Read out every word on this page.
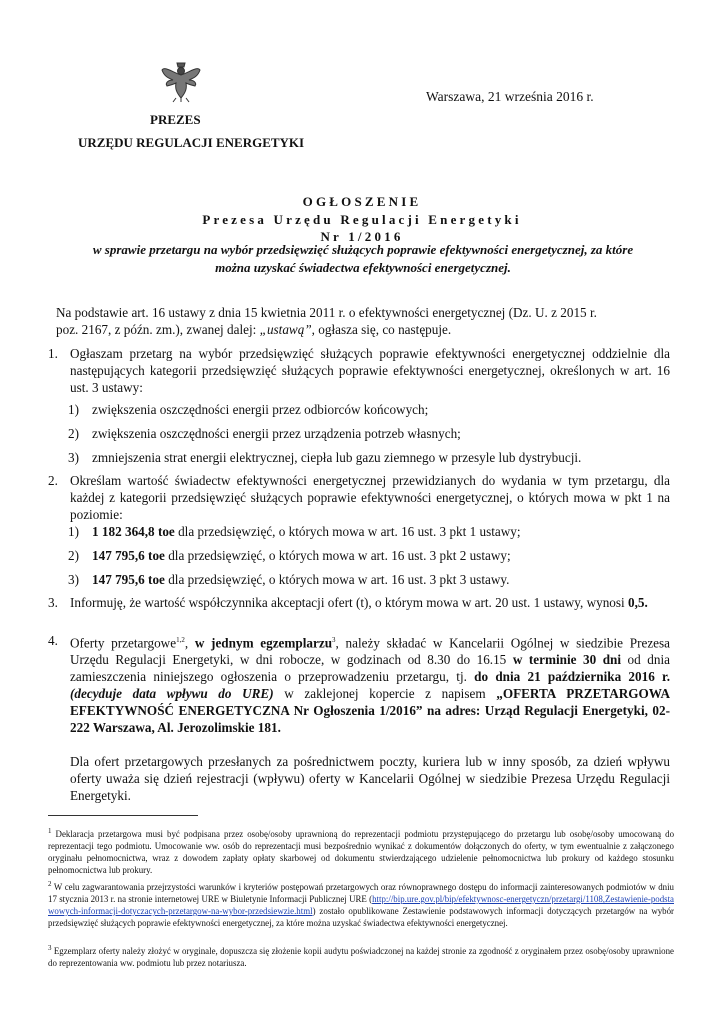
PREZES
URZĘDU REGULACJI ENERGETYKI
Warszawa, 21 września 2016 r.
OGŁOSZENIE
Prezesa Urzędu Regulacji Energetyki
Nr 1/2016
w sprawie przetargu na wybór przedsięwzięć służących poprawie efektywności energetycznej, za które
można uzyskać świadectwa efektywności energetycznej.
Na podstawie art. 16 ustawy z dnia 15 kwietnia 2011 r. o efektywności energetycznej (Dz. U. z 2015 r.
poz. 2167, z późn. zm.), zwanej dalej: „ustawą”, ogłasza się, co następuje.
1. Ogłaszam przetarg na wybór przedsięwzięć służących poprawie efektywności energetycznej oddzielnie dla następujących kategorii przedsięwzięć służących poprawie efektywności energetycznej, określonych w art. 16 ust. 3 ustawy:
1) zwiększenia oszczędności energii przez odbiorców końcowych;
2) zwiększenia oszczędności energii przez urządzenia potrzeb własnych;
3) zmniejszenia strat energii elektrycznej, ciepła lub gazu ziemnego w przesyle lub dystrybucji.
2. Określam wartość świadectw efektywności energetycznej przewidzianych do wydania w tym przetargu, dla każdej z kategorii przedsięwzięć służących poprawie efektywności energetycznej, o których mowa w pkt 1 na poziomie:
1) 1 182 364,8 toe dla przedsięwzięć, o których mowa w art. 16 ust. 3 pkt 1 ustawy;
2) 147 795,6 toe dla przedsięwzięć, o których mowa w art. 16 ust. 3 pkt 2 ustawy;
3) 147 795,6 toe dla przedsięwzięć, o których mowa w art. 16 ust. 3 pkt 3 ustawy.
3. Informuję, że wartość współczynnika akceptacji ofert (t), o którym mowa w art. 20 ust. 1 ustawy, wynosi 0,5.
4. Oferty przetargowe$^{1,2}$, w jednym egzemplarzu$^3$, należy składać w Kancelarii Ogólnej w siedzibie Prezesa Urzędu Regulacji Energetyki, w dni robocze, w godzinach od 8.30 do 16.15 w terminie 30 dni od dnia zamieszczenia niniejszego ogłoszenia o przeprowadzeniu przetargu, tj. do dnia 21 października 2016 r. (decyduje data wpływu do URE) w zaklejonej kopercie z napisem „OFERTA PRZETARGOWA EFEKTYWNOŚĆ ENERGETYCZNA Nr Ogłoszenia 1/2016” na adres: Urząd Regulacji Energetyki, 02-222 Warszawa, Al. Jerozolimskie 181.
Dla ofert przetargowych przesłanych za pośrednictwem poczty, kuriera lub w inny sposób, za dzień wpływu oferty uważa się dzień rejestracji (wpływu) oferty w Kancelarii Ogólnej w siedzibie Prezesa Urzędu Regulacji Energetyki.
$^1$ Deklaracja przetargowa musi być podpisana przez osobę/osoby uprawnioną do reprezentacji podmiotu przystępującego do przetargu lub osobę/osoby umocowaną do reprezentacji tego podmiotu. Umocowanie ww. osób do reprezentacji musi bezpośrednio wynikać z dokumentów dołączonych do oferty, w tym ewentualnie z załączonego oryginału pełnomocnictwa, wraz z dowodem zapłaty opłaty skarbowej od dokumentu stwierdzającego udzielenie pełnomocnictwa lub prokury od każdego stosunku pełnomocnictwa lub prokury.
$^2$ W celu zagwarantowania przejrzystości warunków i kryteriów postępowań przetargowych oraz równoprawnego dostępu do informacji zainteresowanych podmiotów w dniu 17 stycznia 2013 r. na stronie internetowej URE w Biuletynie Informacji Publicznej URE (http://bip.ure.gov.pl/bip/efektywnosc-energetyczn/przetargi/1108,Zestawienie-podstawowych-informacji-dotyczacych-przetargow-na-wybor-przedsiewzie.html) zostało opublikowane Zestawienie podstawowych informacji dotyczących przetargów na wybór przedsięwzięć służących poprawie efektywności energetycznej, za które można uzyskać świadectwa efektywności energetycznej.
$^3$ Egzemplarz oferty należy złożyć w oryginale, dopuszcza się złożenie kopii audytu poświadczonej na każdej stronie za zgodność z oryginałem przez osobę/osoby uprawnione do reprezentowania ww. podmiotu lub przez notariusza.
